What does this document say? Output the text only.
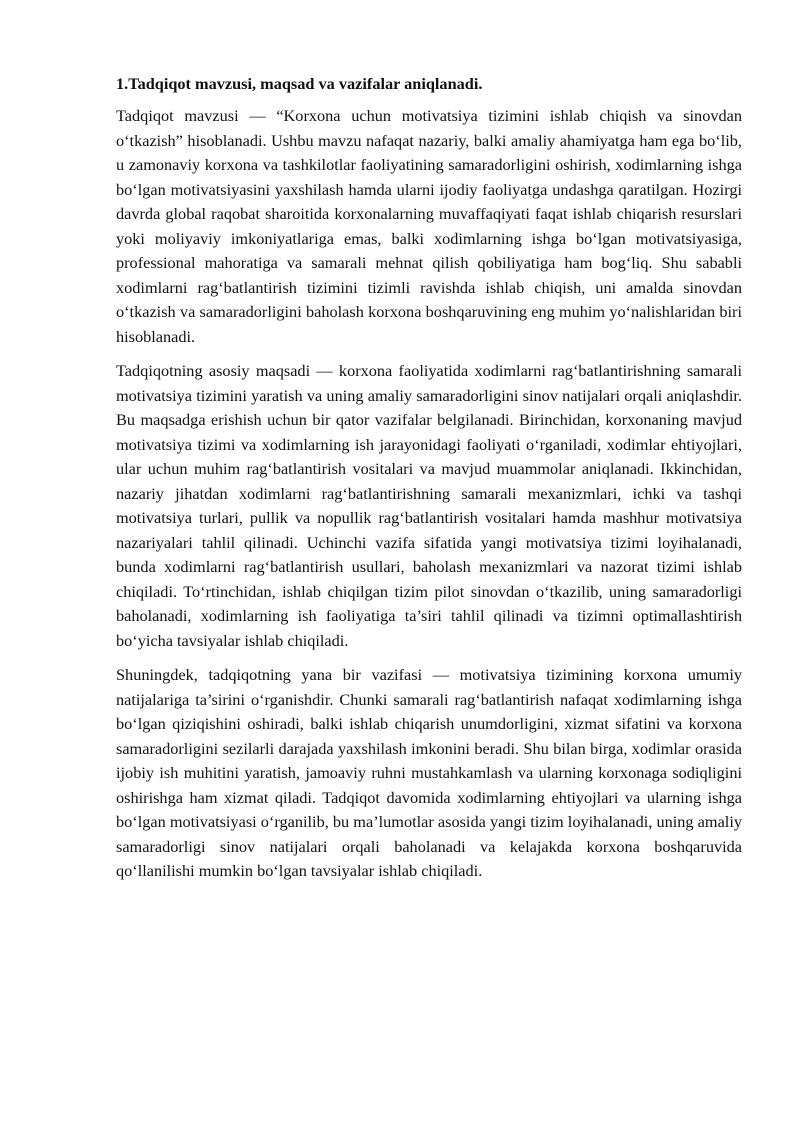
1.Tadqiqot mavzusi, maqsad va vazifalar aniqlanadi.

Tadqiqot mavzusi — “Korxona uchun motivatsiya tizimini ishlab chiqish va sinovdan o‘tkazish” hisoblanadi. Ushbu mavzu nafaqat nazariy, balki amaliy ahamiyatga ham ega bo‘lib, u zamonaviy korxona va tashkilotlar faoliyatining samaradorligini oshirish, xodimlarning ishga bo‘lgan motivatsiyasini yaxshilash hamda ularni ijodiy faoliyatga undashga qaratilgan. Hozirgi davrda global raqobat sharoitida korxonalarning muvaffaqiyati faqat ishlab chiqarish resurslari yoki moliyaviy imkoniyatlariga emas, balki xodimlarning ishga bo‘lgan motivatsiyasiga, professional mahoratiga va samarali mehnat qilish qobiliyatiga ham bog‘liq. Shu sababli xodimlarni rag‘batlantirish tizimini tizimli ravishda ishlab chiqish, uni amalda sinovdan o‘tkazish va samaradorligini baholash korxona boshqaruvining eng muhim yo‘nalishlaridan biri hisoblanadi.

Tadqiqotning asosiy maqsadi — korxona faoliyatida xodimlarni rag‘batlantirishning samarali motivatsiya tizimini yaratish va uning amaliy samaradorligini sinov natijalari orqali aniqlashdir. Bu maqsadga erishish uchun bir qator vazifalar belgilanadi. Birinchidan, korxonaning mavjud motivatsiya tizimi va xodimlarning ish jarayonidagi faoliyati o‘rganiladi, xodimlar ehtiyojlari, ular uchun muhim rag‘batlantirish vositalari va mavjud muammolar aniqlanadi. Ikkinchidan, nazariy jihatdan xodimlarni rag‘batlantirishning samarali mexanizmlari, ichki va tashqi motivatsiya turlari, pullik va nopullik rag‘batlantirish vositalari hamda mashhur motivatsiya nazariyalari tahlil qilinadi. Uchinchi vazifa sifatida yangi motivatsiya tizimi loyihalanadi, bunda xodimlarni rag‘batlantirish usullari, baholash mexanizmlari va nazorat tizimi ishlab chiqiladi. To‘rtinchidan, ishlab chiqilgan tizim pilot sinovdan o‘tkazilib, uning samaradorligi baholanadi, xodimlarning ish faoliyatiga ta’siri tahlil qilinadi va tizimni optimallashtirish bo‘yicha tavsiyalar ishlab chiqiladi.

Shuningdek, tadqiqotning yana bir vazifasi — motivatsiya tizimining korxona umumiy natijalariga ta’sirini o‘rganishdir. Chunki samarali rag‘batlantirish nafaqat xodimlarning ishga bo‘lgan qiziqishini oshiradi, balki ishlab chiqarish unumdorligini, xizmat sifatini va korxona samaradorligini sezilarli darajada yaxshilash imkonini beradi. Shu bilan birga, xodimlar orasida ijobiy ish muhitini yaratish, jamoaviy ruhni mustahkamlash va ularning korxonaga sodiqligini oshirishga ham xizmat qiladi. Tadqiqot davomida xodimlarning ehtiyojlari va ularning ishga bo‘lgan motivatsiyasi o‘rganilib, bu ma’lumotlar asosida yangi tizim loyihalanadi, uning amaliy samaradorligi sinov natijalari orqali baholanadi va kelajakda korxona boshqaruvida qo‘llanilishi mumkin bo‘lgan tavsiyalar ishlab chiqiladi.
